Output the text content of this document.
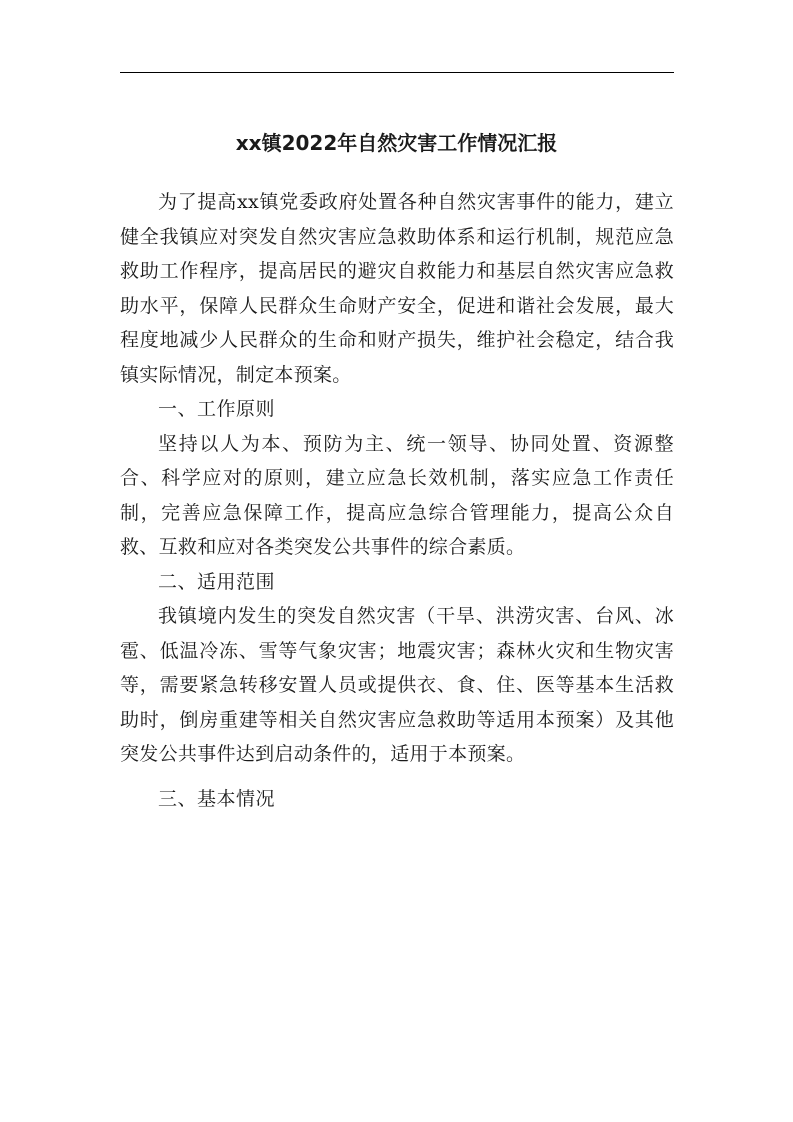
xx镇2022年自然灾害工作情况汇报

为了提高xx镇党委政府处置各种自然灾害事件的能力，建立健全我镇应对突发自然灾害应急救助体系和运行机制，规范应急救助工作程序，提高居民的避灾自救能力和基层自然灾害应急救助水平，保障人民群众生命财产安全，促进和谐社会发展，最大程度地减少人民群众的生命和财产损失，维护社会稳定，结合我镇实际情况，制定本预案。

一、工作原则

坚持以人为本、预防为主、统一领导、协同处置、资源整合、科学应对的原则，建立应急长效机制，落实应急工作责任制，完善应急保障工作，提高应急综合管理能力，提高公众自救、互救和应对各类突发公共事件的综合素质。

二、适用范围

我镇境内发生的突发自然灾害（干旱、洪涝灾害、台风、冰雹、低温冷冻、雪等气象灾害；地震灾害；森林火灾和生物灾害等，需要紧急转移安置人员或提供衣、食、住、医等基本生活救助时，倒房重建等相关自然灾害应急救助等适用本预案）及其他突发公共事件达到启动条件的，适用于本预案。

三、基本情况
